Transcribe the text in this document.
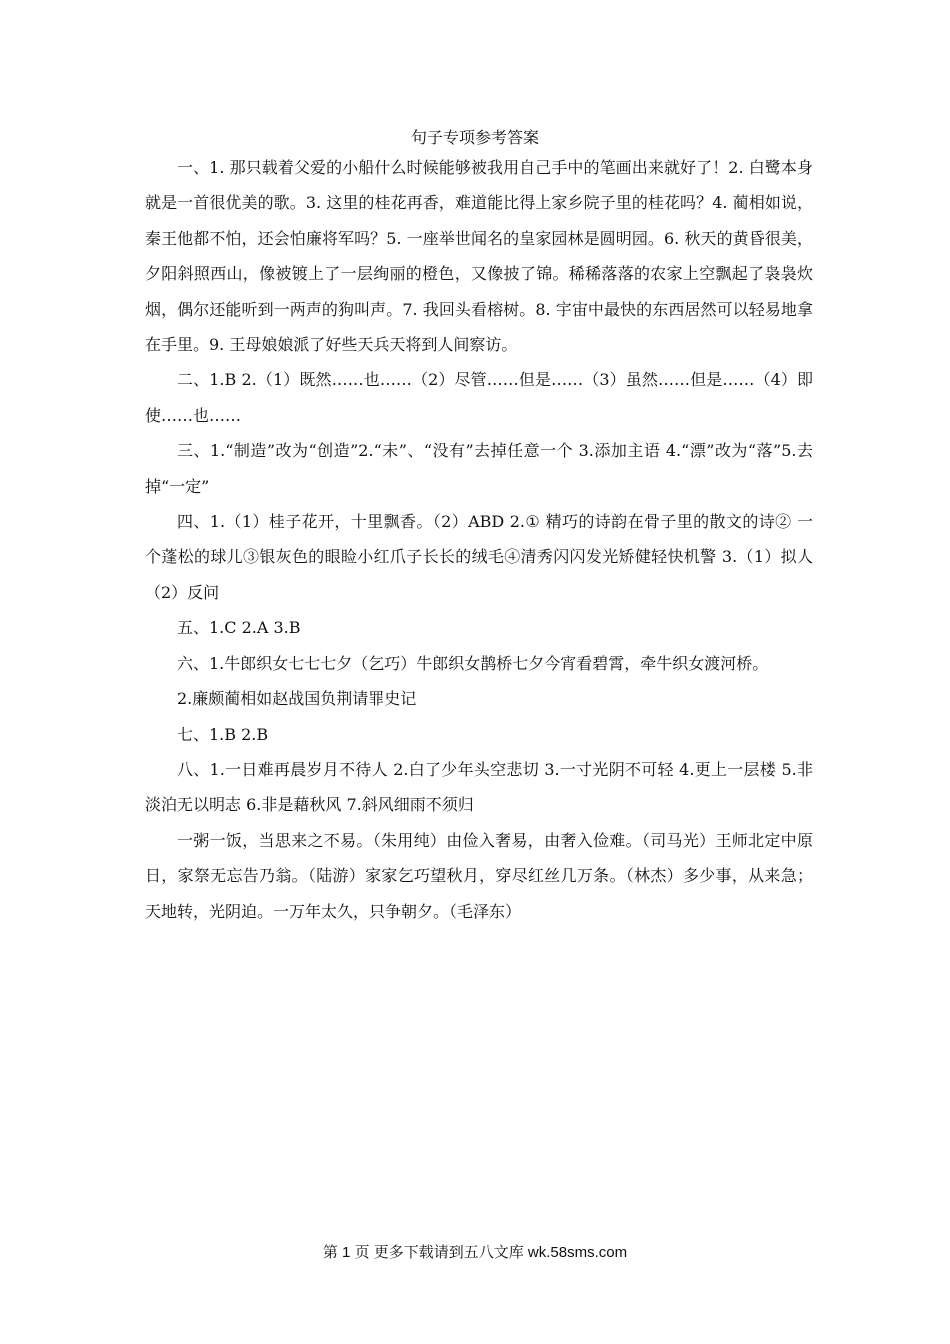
句子专项参考答案

一、1. 那只载着父爱的小船什么时候能够被我用自己手中的笔画出来就好了！2. 白鹭本身就是一首很优美的歌。3. 这里的桂花再香，难道能比得上家乡院子里的桂花吗？4. 蔺相如说，秦王他都不怕，还会怕廉将军吗？5. 一座举世闻名的皇家园林是圆明园。6. 秋天的黄昏很美，夕阳斜照西山，像被镀上了一层绚丽的橙色，又像披了锦。稀稀落落的农家上空飘起了袅袅炊烟，偶尔还能听到一两声的狗叫声。7. 我回头看榕树。8. 宇宙中最快的东西居然可以轻易地拿在手里。9. 王母娘娘派了好些天兵天将到人间察访。

二、1.B 2.（1）既然……也……（2）尽管……但是……（3）虽然……但是……（4）即使……也……

三、1.“制造”改为“创造”2.“未”、“没有”去掉任意一个 3.添加主语 4.“漂”改为“落”5.去掉“一定”

四、1.（1）桂子花开，十里飘香。（2）ABD 2.① 精巧的诗韵在骨子里的散文的诗② 一个蓬松的球儿③银灰色的眼睑小红爪子长长的绒毛④清秀闪闪发光矫健轻快机警 3.（1）拟人（2）反问

五、1.C 2.A 3.B

六、1.牛郎织女七七七夕（乞巧）牛郎织女鹊桥七夕今宵看碧霄，牵牛织女渡河桥。

2.廉颇蔺相如赵战国负荆请罪史记

七、1.B 2.B

八、1.一日难再晨岁月不待人 2.白了少年头空悲切 3.一寸光阴不可轻 4.更上一层楼 5.非淡泊无以明志 6.非是藉秋风 7.斜风细雨不须归

一粥一饭，当思来之不易。（朱用纯）由俭入奢易，由奢入俭难。（司马光）王师北定中原日，家祭无忘告乃翁。（陆游）家家乞巧望秋月，穿尽红丝几万条。（林杰）多少事，从来急；天地转，光阴迫。一万年太久，只争朝夕。（毛泽东）

第 1 页 更多下载请到五八文库 wk.58sms.com
